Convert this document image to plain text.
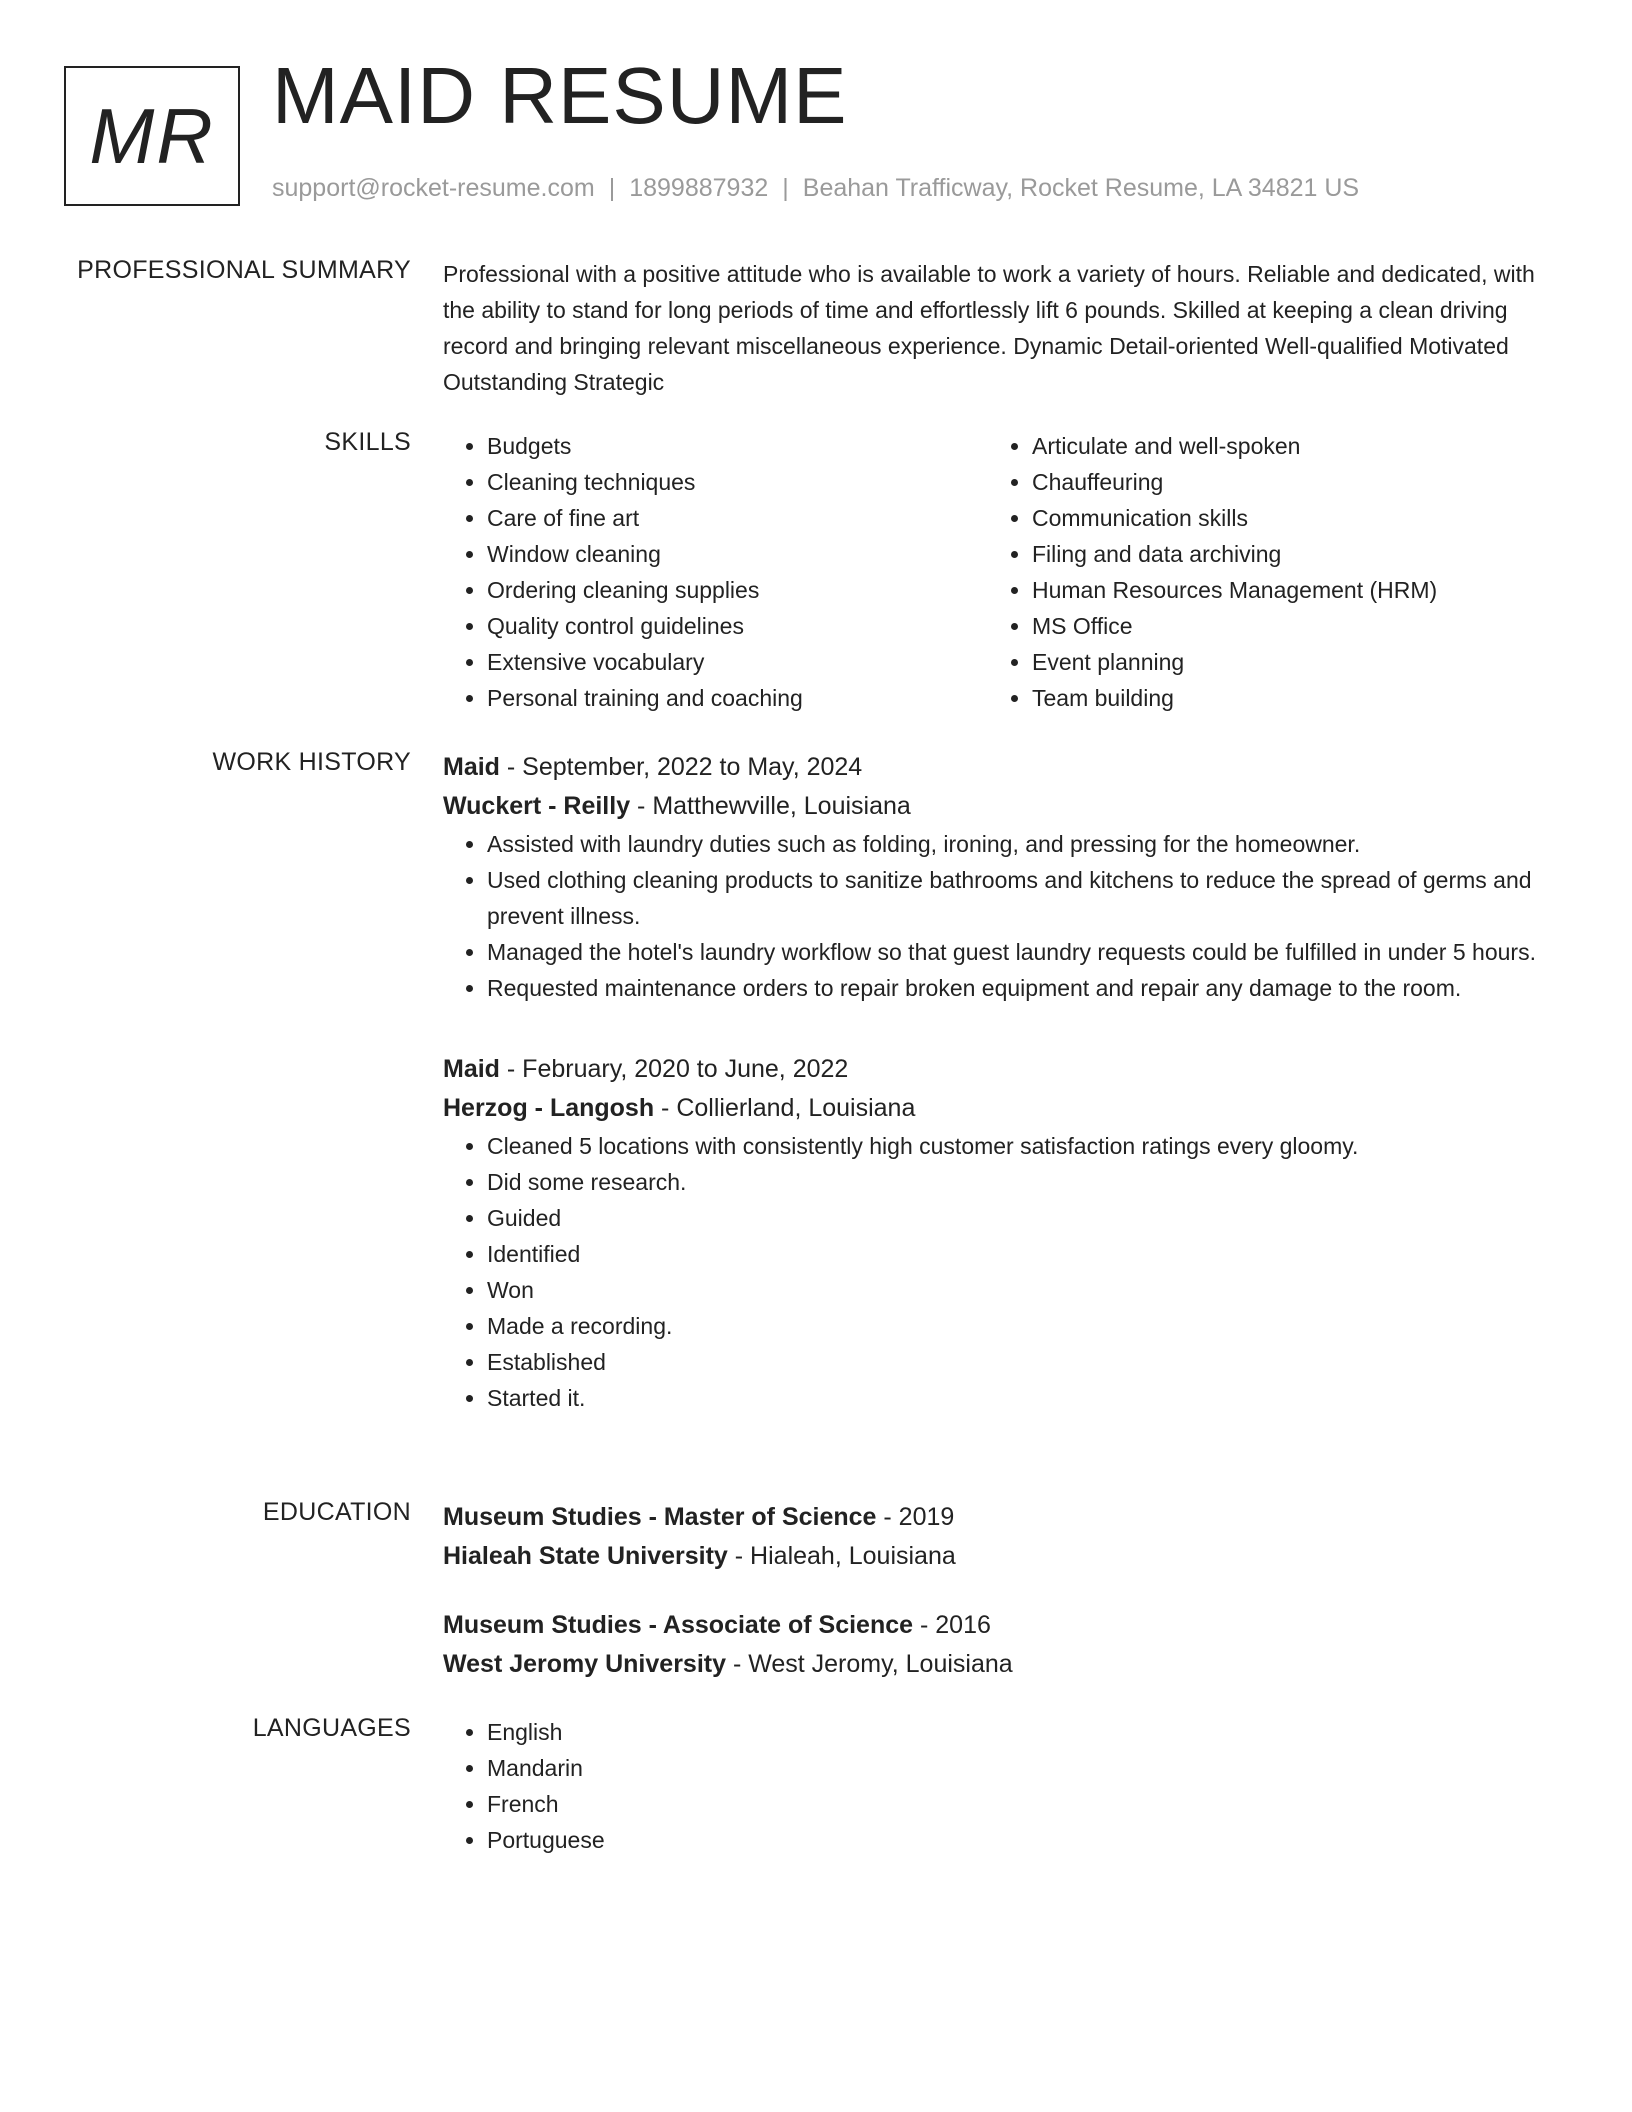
MR MAID RESUME
support@rocket-resume.com | 1899887932 | Beahan Trafficway, Rocket Resume, LA 34821 US
PROFESSIONAL SUMMARY Professional with a positive attitude who is available to work a variety of hours. Reliable and dedicated, with the ability to stand for long periods of time and effortlessly lift 6 pounds. Skilled at keeping a clean driving record and bringing relevant miscellaneous experience. Dynamic Detail-oriented Well-qualified Motivated Outstanding Strategic

SKILLS	• Budgets
• Cleaning techniques
• Care of fine art
• Window cleaning
• Ordering cleaning supplies
• Quality control guidelines
• Extensive vocabulary
• Personal training and coaching
• Articulate and well-spoken
• Chauffeuring
• Communication skills
• Filing and data archiving
• Human Resources Management (HRM)
• MS Office
• Event planning
• Team building
WORK HISTORY Maid - September, 2022 to May, 2024
Wuckert - Reilly - Matthewville, Louisiana
• Assisted with laundry duties such as folding, ironing, and pressing for the homeowner.
• Used clothing cleaning products to sanitize bathrooms and kitchens to reduce the spread of germs and prevent illness.
• Managed the hotel's laundry workflow so that guest laundry requests could be fulfilled in under 5 hours.
• Requested maintenance orders to repair broken equipment and repair any damage to the room.
Maid - February, 2020 to June, 2022
Herzog - Langosh - Collierland, Louisiana
• Cleaned 5 locations with consistently high customer satisfaction ratings every gloomy.
• Did some research.
• Guided
• Identified
• Won
• Made a recording.
• Established
• Started it.
EDUCATION Museum Studies - Master of Science - 2019
Hialeah State University - Hialeah, Louisiana
Museum Studies - Associate of Science - 2016
West Jeromy University - West Jeromy, Louisiana
LANGUAGES	• English
• Mandarin
• French
• Portuguese
